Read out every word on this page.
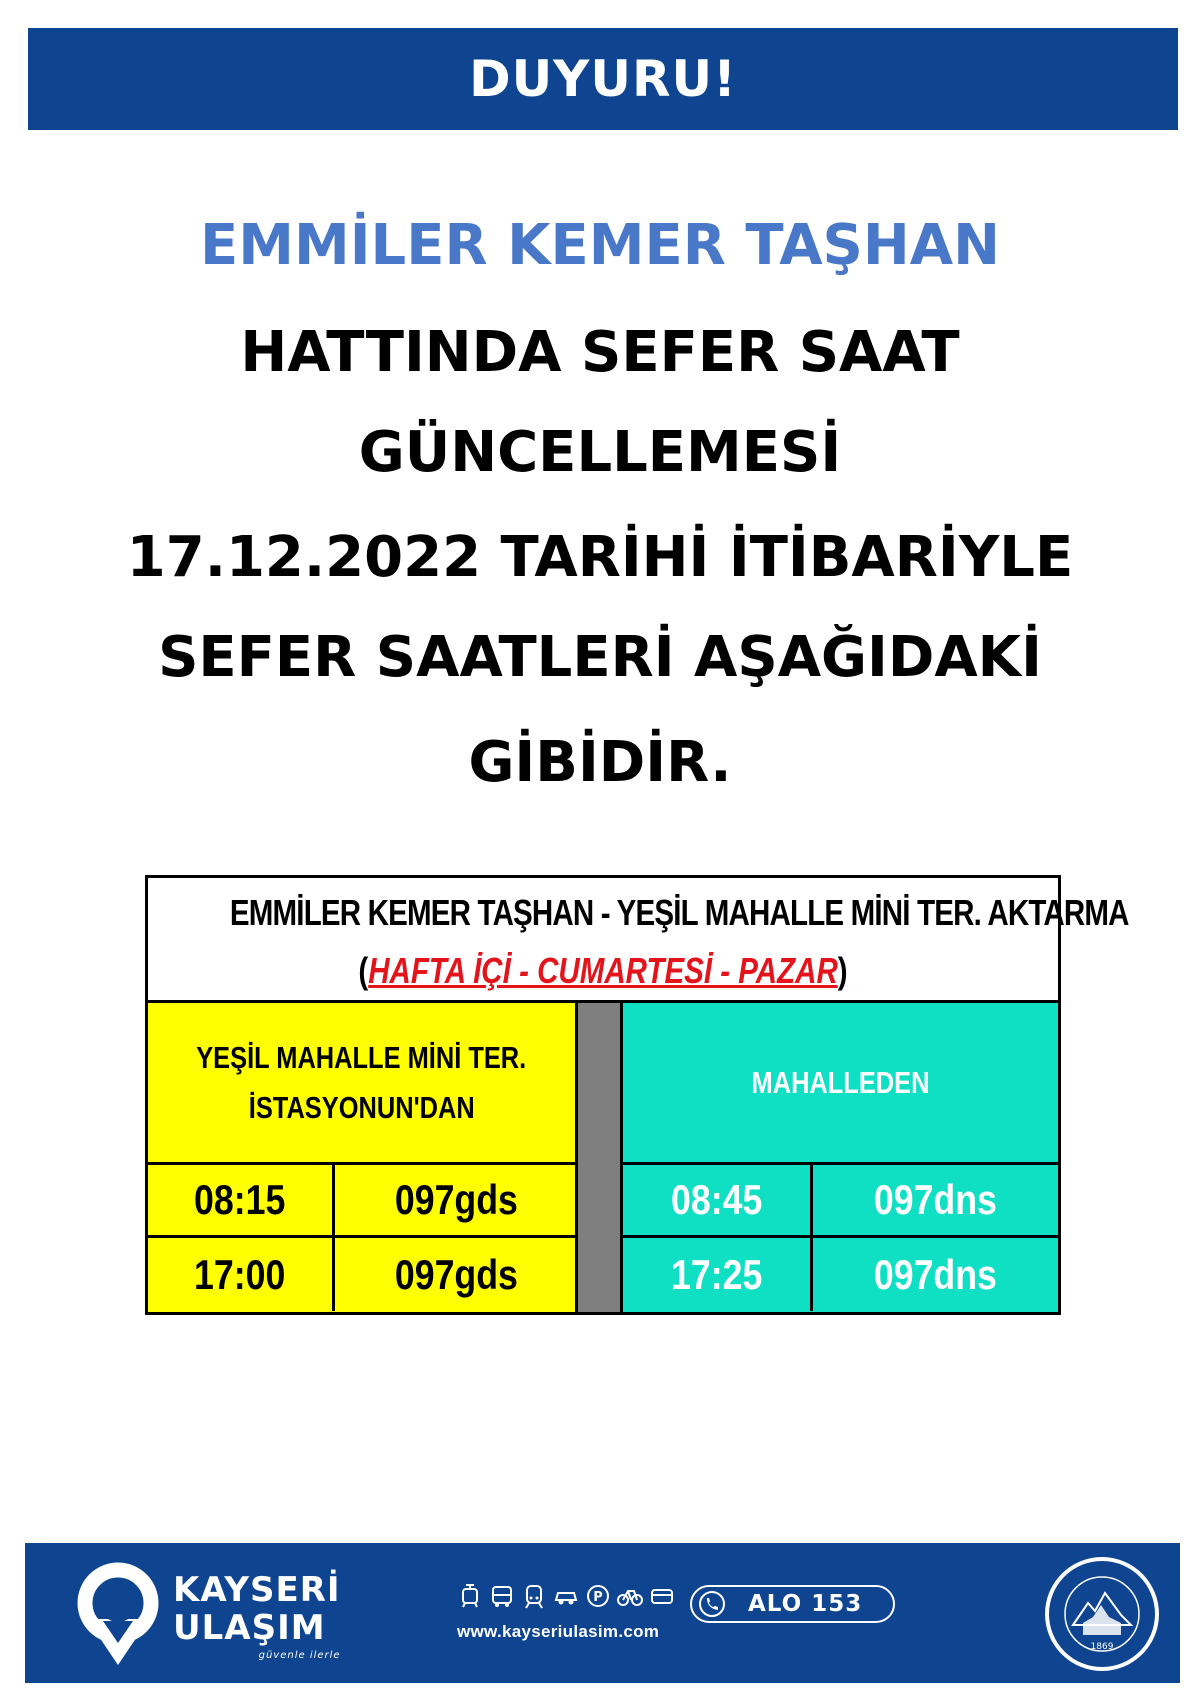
DUYURU!
EMMİLER KEMER TAŞHAN
HATTINDA SEFER SAAT
GÜNCELLEMESİ
17.12.2022 TARİHİ İTİBARİYLE
SEFER SAATLERİ AŞAĞIDAKİ
GİBİDİR.
EMMİLER KEMER TAŞHAN - YEŞİL MAHALLE MİNİ TER. AKTARMA
(HAFTA İÇİ - CUMARTESİ - PAZAR)
YEŞİL MAHALLE MİNİ TER.
İSTASYONUN'DAN
08:15	097gds
17:00	097gds
MAHALLEDEN
08:45	097dns
17:25	097dns
KAYSERİ
ULAŞIM
güvenle ilerle
P
www.kayseriulasim.com
ALO 153
1869
